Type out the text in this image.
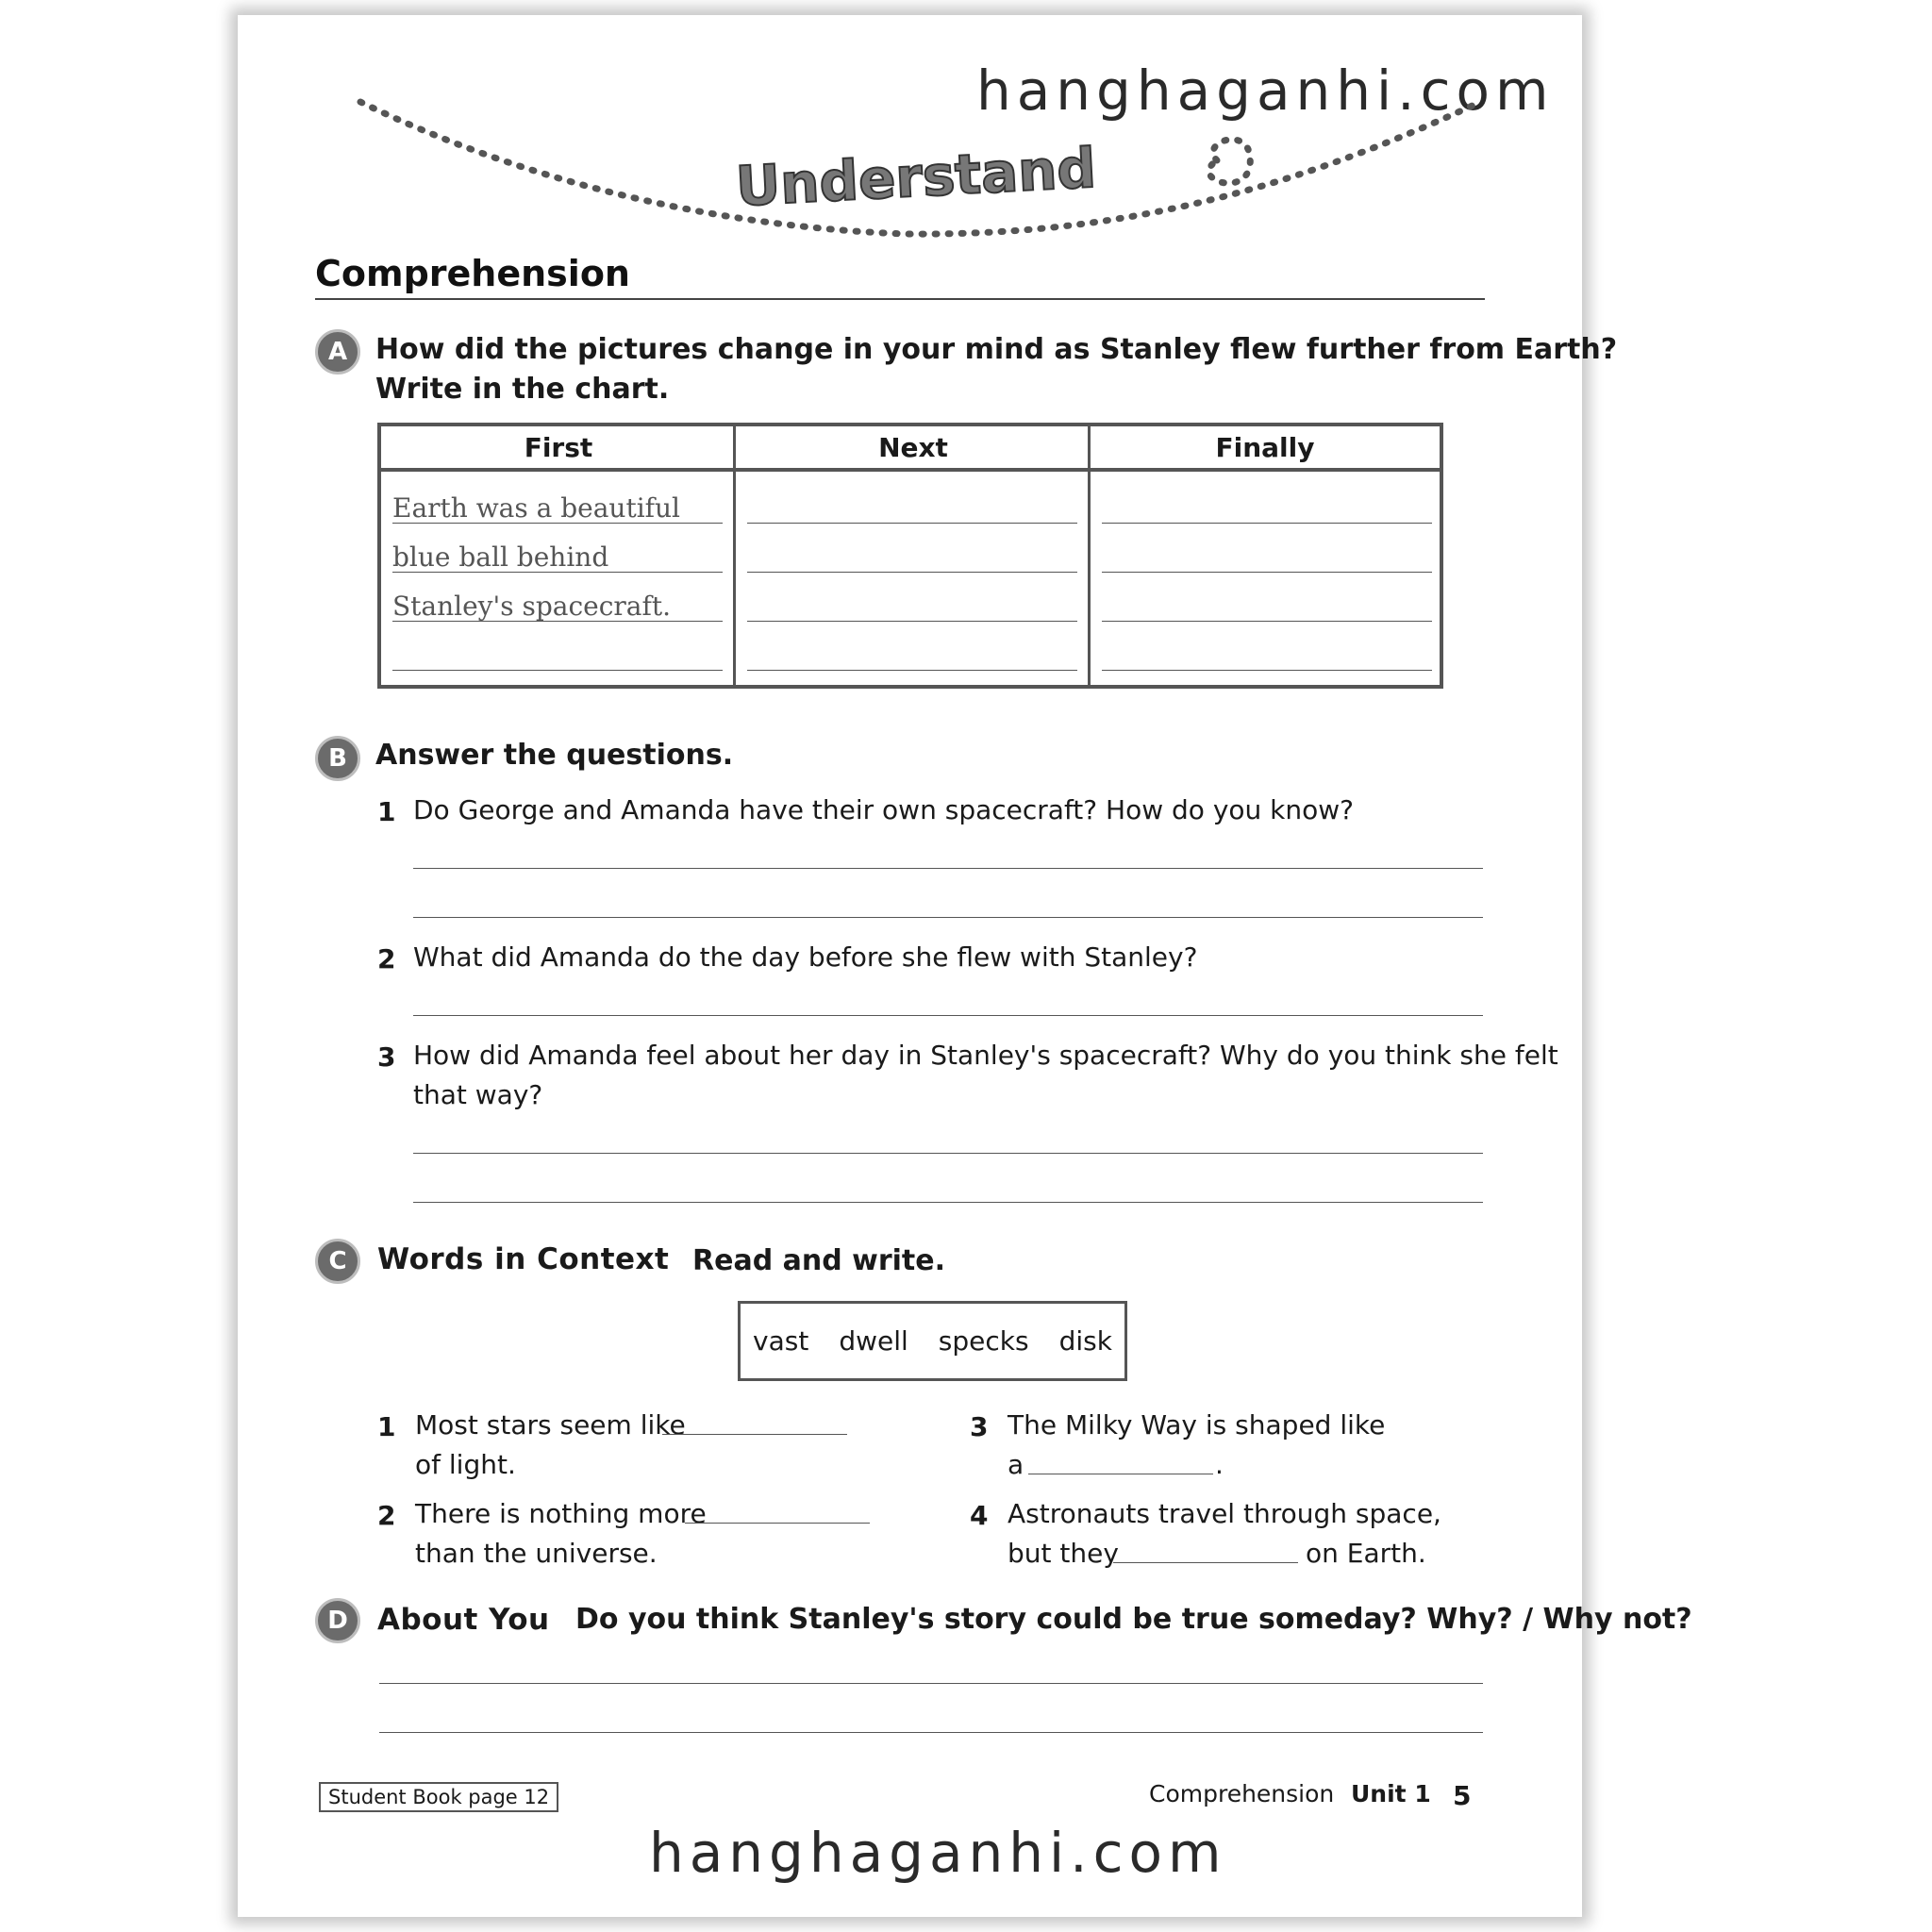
hanghaganhi.com
Understand
Comprehension
A How did the pictures change in your mind as Stanley flew further from Earth?
Write in the chart.
First	Next	Finally
Earth was a beautiful
blue ball behind
Stanley's spacecraft.
B	Answer the questions.
1 Do George and Amanda have their own spacecraft? How do you know?
2 What did Amanda do the day before she flew with Stanley?
3 How did Amanda feel about her day in Stanley's spacecraft? Why do you think she felt
that way?
C	Words in Context Read and write.
vast dwell specks disk
1 Most stars seem like
of light.
2 There is nothing more
than the universe.
3 The Milky Way is shaped like
a	.
4 Astronauts travel through space,
but they	on Earth.
D	About You Do you think Stanley's story could be true someday? Why? / Why not?
Student Book page 12	Comprehension Unit 1 5
hanghaganhi.com
